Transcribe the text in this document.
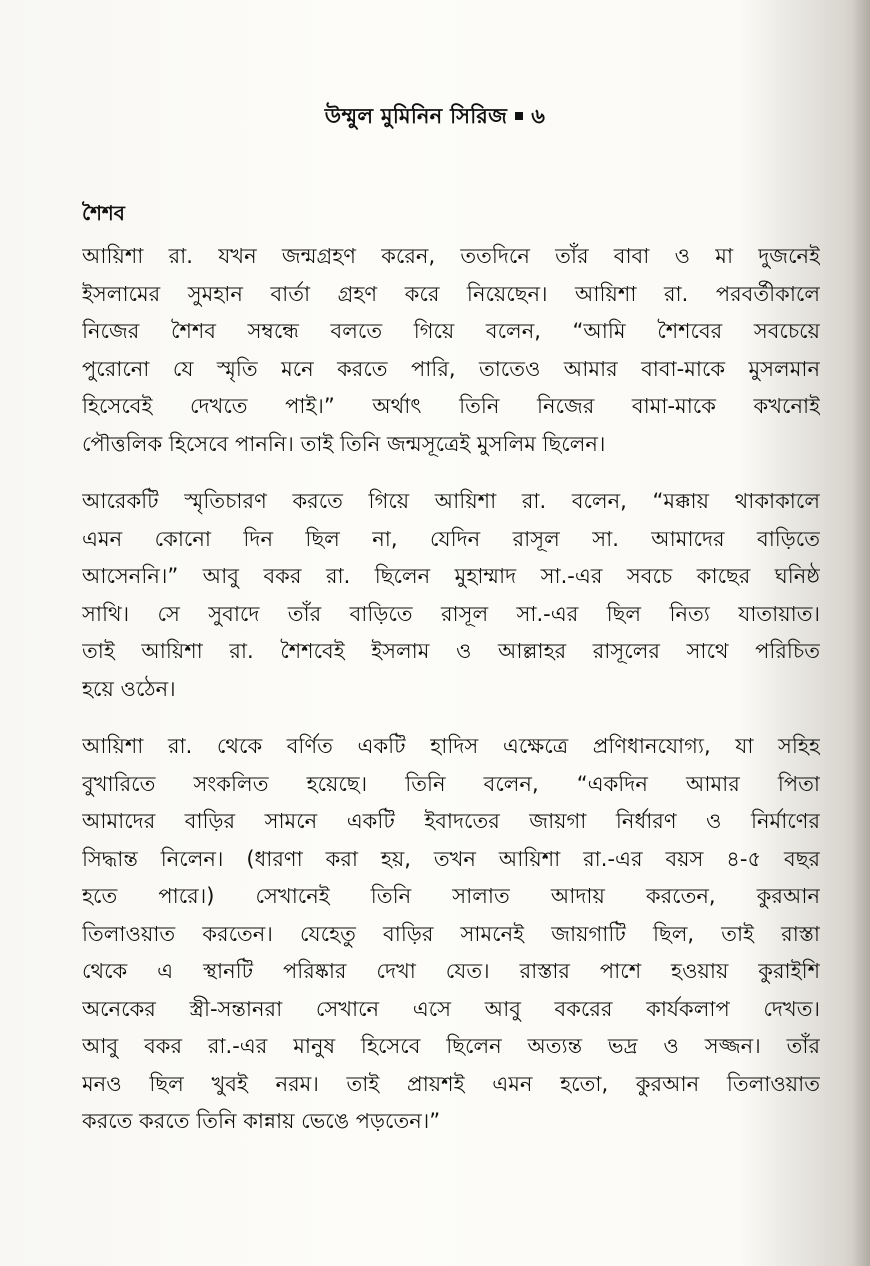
উম্মুল মুমিনিন সিরিজ ৬
শৈশব
আয়িশা রা. যখন জন্মগ্রহণ করেন, ততদিনে তাঁর বাবা ও মা দুজনেই
ইসলামের সুমহান বার্তা গ্রহণ করে নিয়েছেন। আয়িশা রা. পরবর্তীকালে
নিজের শৈশব সম্বন্ধে বলতে গিয়ে বলেন, “আমি শৈশবের সবচেয়ে
পুরোনো যে স্মৃতি মনে করতে পারি, তাতেও আমার বাবা-মাকে মুসলমান
হিসেবেই দেখতে পাই।” অর্থাৎ তিনি নিজের বামা-মাকে কখনোই
পৌত্তলিক হিসেবে পাননি। তাই তিনি জন্মসূত্রেই মুসলিম ছিলেন।
আরেকটি স্মৃতিচারণ করতে গিয়ে আয়িশা রা. বলেন, “মক্কায় থাকাকালে
এমন কোনো দিন ছিল না, যেদিন রাসূল সা. আমাদের বাড়িতে
আসেননি।” আবু বকর রা. ছিলেন মুহাম্মাদ সা.-এর সবচে কাছের ঘনিষ্ঠ
সাথি। সে সুবাদে তাঁর বাড়িতে রাসূল সা.-এর ছিল নিত্য যাতায়াত।
তাই আয়িশা রা. শৈশবেই ইসলাম ও আল্লাহর রাসূলের সাথে পরিচিত
হয়ে ওঠেন।
আয়িশা রা. থেকে বর্ণিত একটি হাদিস এক্ষেত্রে প্রণিধানযোগ্য, যা সহিহ
বুখারিতে সংকলিত হয়েছে। তিনি বলেন, “একদিন আমার পিতা
আমাদের বাড়ির সামনে একটি ইবাদতের জায়গা নির্ধারণ ও নির্মাণের
সিদ্ধান্ত নিলেন। (ধারণা করা হয়, তখন আয়িশা রা.-এর বয়স ৪-৫ বছর
হতে পারে।) সেখানেই তিনি সালাত আদায় করতেন, কুরআন
তিলাওয়াত করতেন। যেহেতু বাড়ির সামনেই জায়গাটি ছিল, তাই রাস্তা
থেকে এ স্থানটি পরিষ্কার দেখা যেত। রাস্তার পাশে হওয়ায় কুরাইশি
অনেকের স্ত্রী-সন্তানরা সেখানে এসে আবু বকরের কার্যকলাপ দেখত।
আবু বকর রা.-এর মানুষ হিসেবে ছিলেন অত্যন্ত ভদ্র ও সজ্জন। তাঁর
মনও ছিল খুবই নরম। তাই প্রায়শই এমন হতো, কুরআন তিলাওয়াত
করতে করতে তিনি কান্নায় ভেঙে পড়তেন।”
